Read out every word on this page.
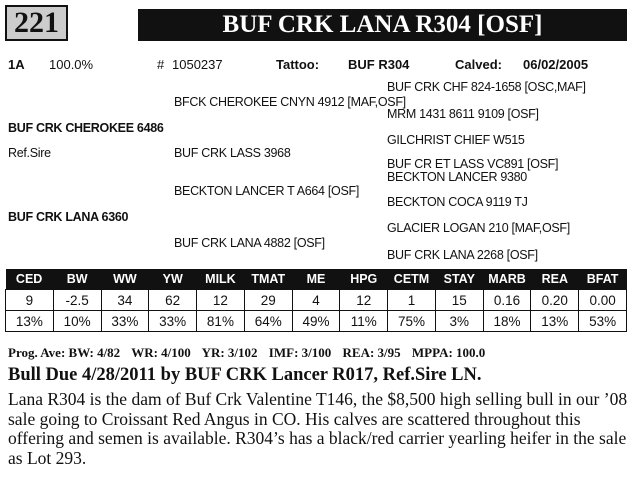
221	BUF CRK LANA R304 [OSF]
1A 100.0%	# 1050237	Tattoo: BUF R304	Calved: 06/02/2005
BUF CRK CHEROKEE 6486
Ref.Sire
BUF CRK LANA 6360
BFCK CHEROKEE CNYN 4912 [MAF,OSF]
BUF CRK LASS 3968
BECKTON LANCER T A664 [OSF]
BUF CRK LANA 4882 [OSF]
BUF CRK CHF 824-1658 [OSC,MAF]
MRM 1431 8611 9109 [OSF]
GILCHRIST CHIEF W515
BUF CR ET LASS VC891 [OSF]
BECKTON LANCER 9380
BECKTON COCA 9119 TJ
GLACIER LOGAN 210 [MAF,OSF]
BUF CRK LANA 2268 [OSF]
CED	BW	WW	YW	MILK	TMAT	ME	HPG	CETM	STAY	MARB	REA	BFAT
9	-2.5	34	62	12	29	4	12	1	15	0.16	0.20	0.00
13%	10%	33%	33%	81%	64%	49%	11%	75%	3%	18%	13%	53%
Prog. Ave: BW: 4/82 WR: 4/100 YR: 3/102 IMF: 3/100 REA: 3/95 MPPA: 100.0
Bull Due 4/28/2011 by BUF CRK Lancer R017, Ref.Sire LN.
Lana R304 is the dam of Buf Crk Valentine T146, the $8,500 high selling bull in our ’08 sale going to Croissant Red Angus in CO. His calves are scattered throughout this offering and semen is available. R304’s has a black/red carrier yearling heifer in the sale as Lot 293.
